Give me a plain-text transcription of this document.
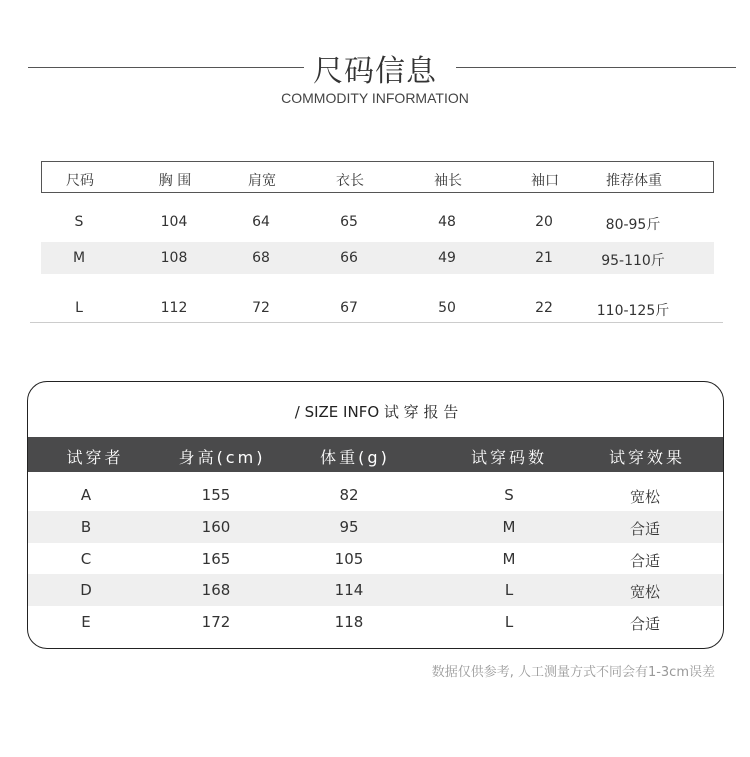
尺码信息
COMMODITY INFORMATION
尺码	胸 围	肩宽	衣长	袖长	袖口	推荐体重
S	104	64	65	48	20	80-95斤
M	108	68	66	49	21	95-110斤
L	112	72	67	50	22	110-125斤
/ SIZE INFO 试 穿 报 告
试穿者	身高(cm)	体重(g)	试穿码数	试穿效果
A	155	82	S	宽松
B	160	95	M	合适
C	165	105	M	合适
D	168	114	L	宽松
E	172	118	L	合适
数据仅供参考, 人工测量方式不同会有1-3cm误差
